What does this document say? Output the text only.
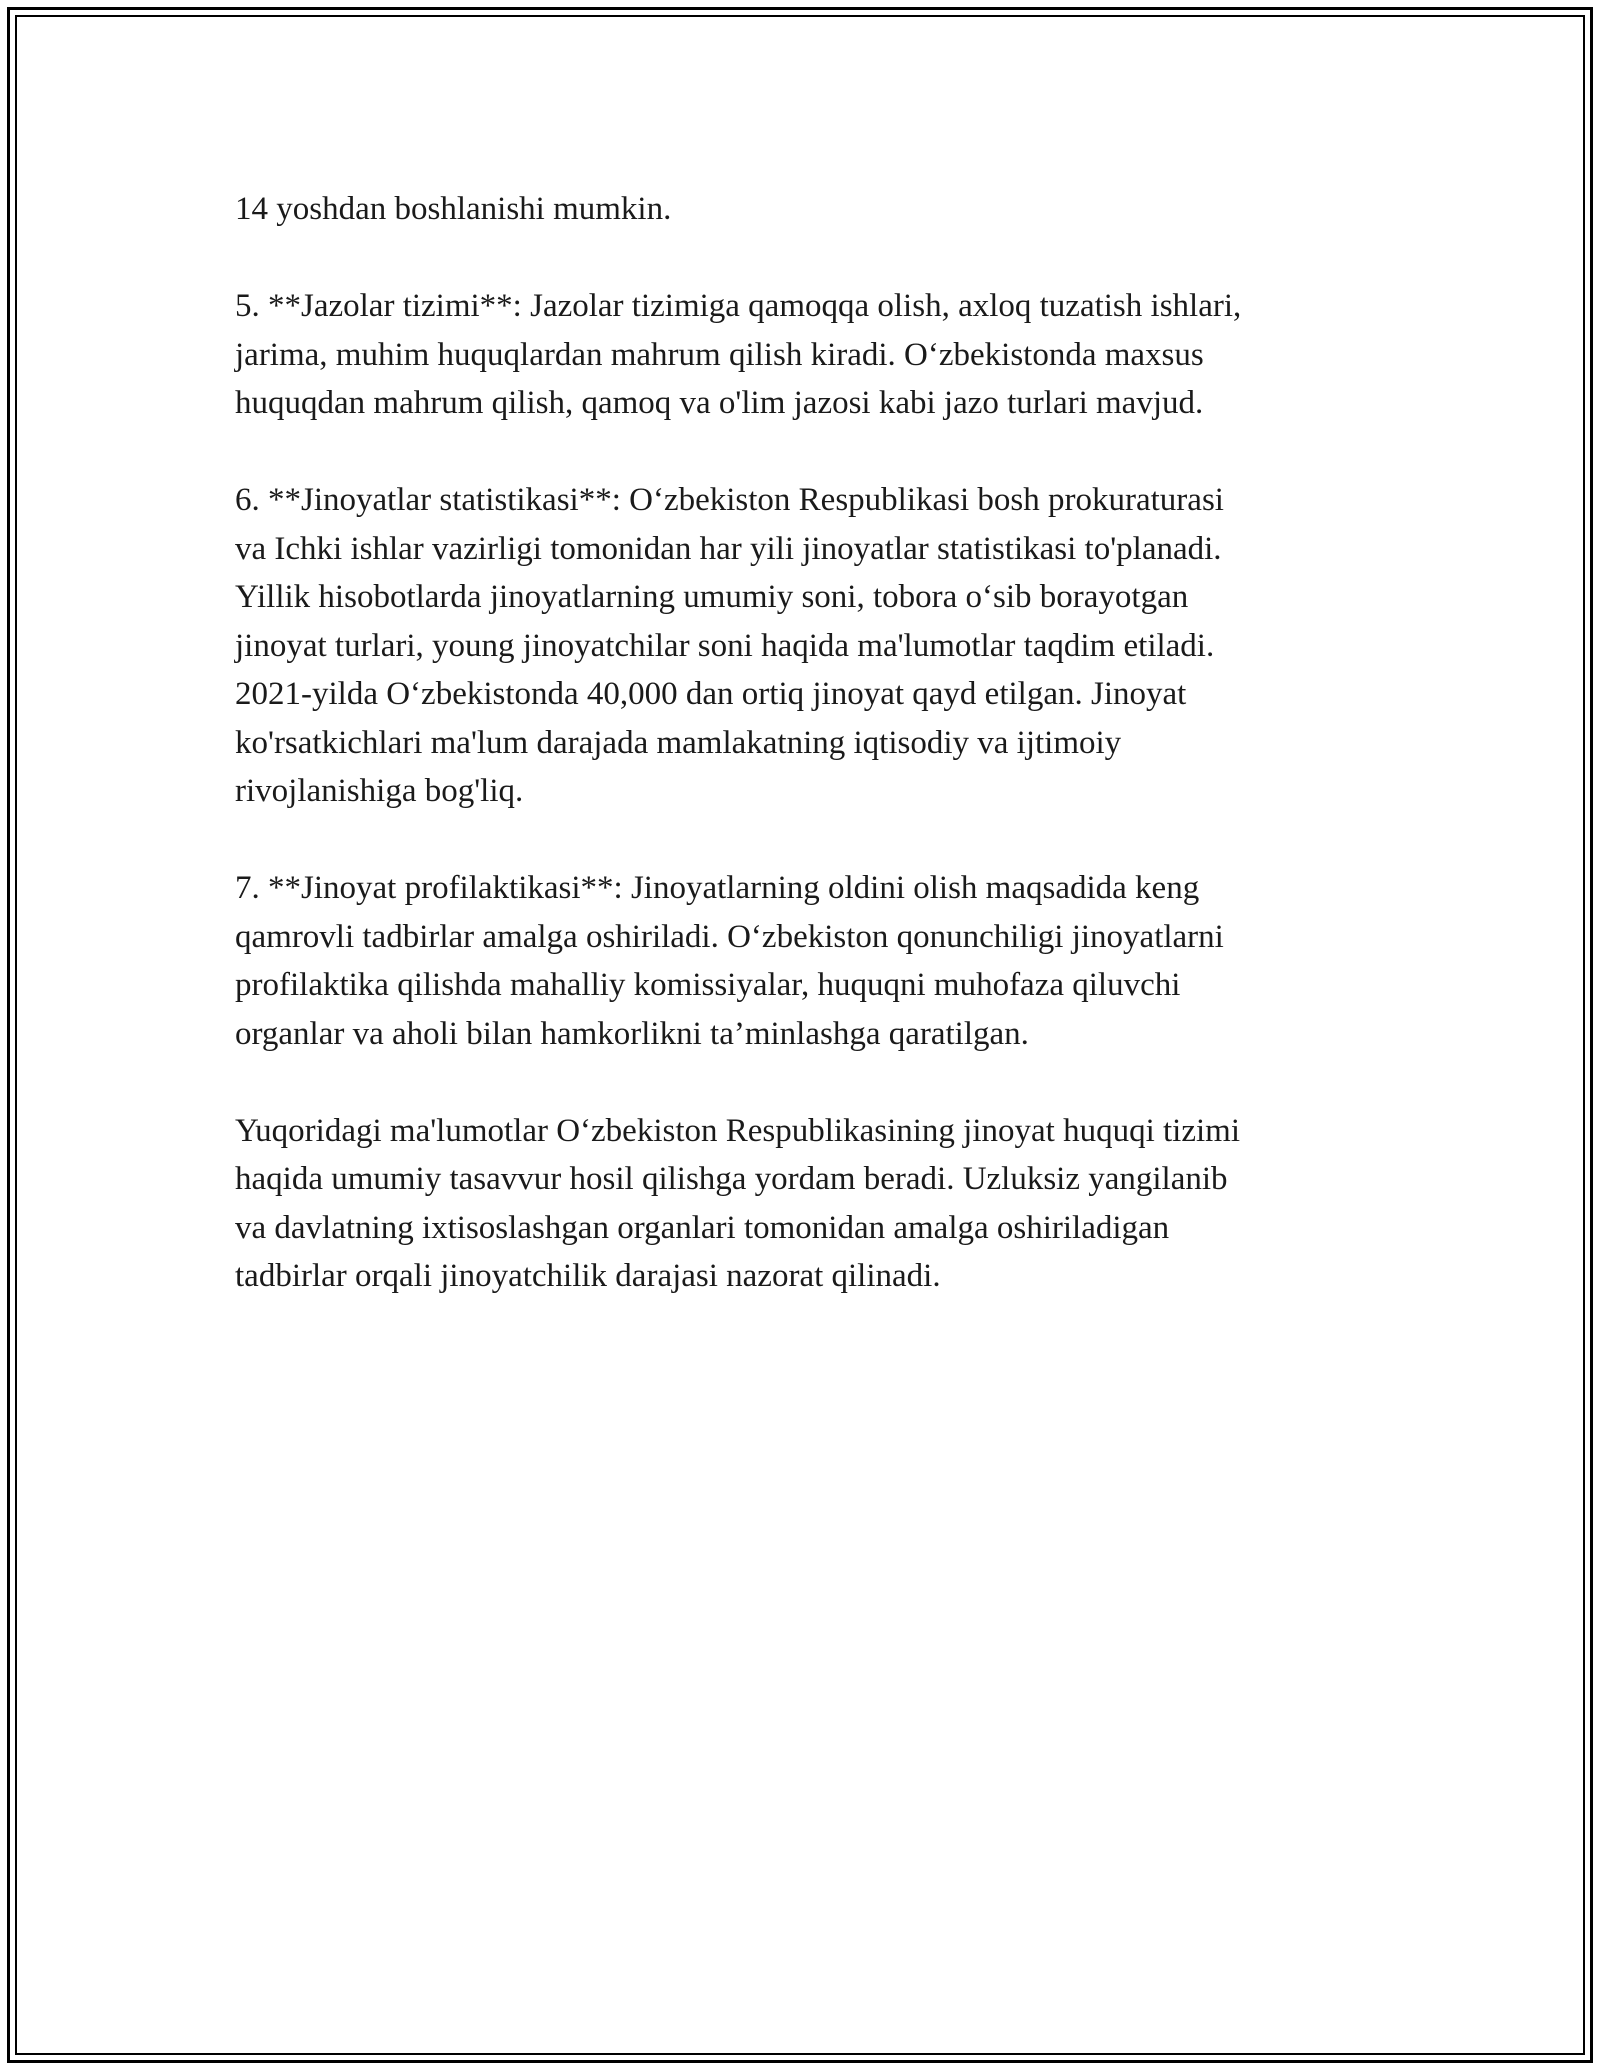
14 yoshdan boshlanishi mumkin.

5. **Jazolar tizimi**: Jazolar tizimiga qamoqqa olish, axloq tuzatish ishlari,
jarima, muhim huquqlardan mahrum qilish kiradi. O‘zbekistonda maxsus
huquqdan mahrum qilish, qamoq va o'lim jazosi kabi jazo turlari mavjud.

6. **Jinoyatlar statistikasi**: O‘zbekiston Respublikasi bosh prokuraturasi
va Ichki ishlar vazirligi tomonidan har yili jinoyatlar statistikasi to'planadi.
Yillik hisobotlarda jinoyatlarning umumiy soni, tobora o‘sib borayotgan
jinoyat turlari, young jinoyatchilar soni haqida ma'lumotlar taqdim etiladi.
2021-yilda O‘zbekistonda 40,000 dan ortiq jinoyat qayd etilgan. Jinoyat
ko'rsatkichlari ma'lum darajada mamlakatning iqtisodiy va ijtimoiy
rivojlanishiga bog'liq.

7. **Jinoyat profilaktikasi**: Jinoyatlarning oldini olish maqsadida keng
qamrovli tadbirlar amalga oshiriladi. O‘zbekiston qonunchiligi jinoyatlarni
profilaktika qilishda mahalliy komissiyalar, huquqni muhofaza qiluvchi
organlar va aholi bilan hamkorlikni ta’minlashga qaratilgan.

Yuqoridagi ma'lumotlar O‘zbekiston Respublikasining jinoyat huquqi tizimi
haqida umumiy tasavvur hosil qilishga yordam beradi. Uzluksiz yangilanib
va davlatning ixtisoslashgan organlari tomonidan amalga oshiriladigan
tadbirlar orqali jinoyatchilik darajasi nazorat qilinadi.
